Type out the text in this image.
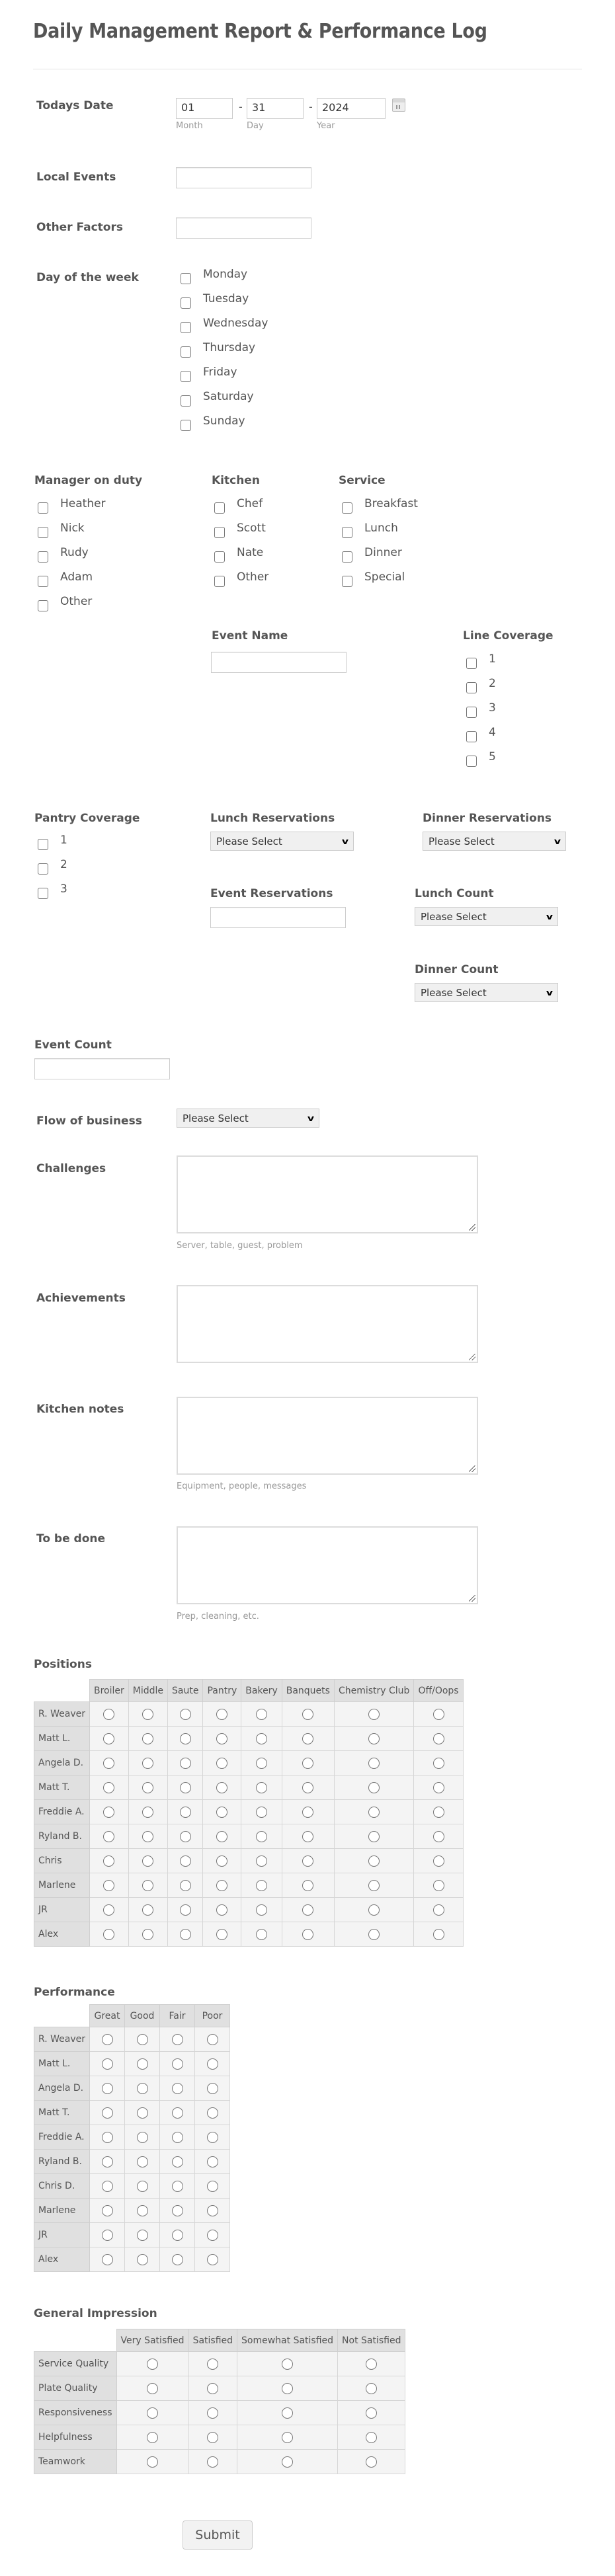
Daily Management Report & Performance Log
Todays Date	01	- 31	- 2024
Month	Day	Year
Local Events
Other Factors
Day of the week	Monday
Tuesday
Wednesday
Thursday
Friday
Saturday
Sunday
Manager on duty
Heather
Nick
Rudy
Adam
Other
Kitchen
Chef
Scott
Nate
Other
Service
Breakfast
Lunch
Dinner
Special
Event Name	Line Coverage
1
2
3
4
5
Pantry Coverage
1
2
3
Lunch Reservations
Please Select	v
Dinner Reservations
Please Select	v
Event Reservations	Lunch Count
Please Select	v
Dinner Count
Please Select	v
Event Count
Flow of business	Please Select	v
Challenges
Server, table, guest, problem
Achievements
Kitchen notes
Equipment, people, messages
To be done
Prep, cleaning, etc.
Positions
	Broiler	Middle	Saute	Pantry	Bakery	Banquets	Chemistry Club	Off/Oops
R. Weaver								
Matt L.								
Angela D.								
Matt T.								
Freddie A.								
Ryland B.								
Chris								
Marlene								
JR								
Alex								
Performance
	Great	Good	Fair	Poor
R. Weaver				
Matt L.				
Angela D.				
Matt T.				
Freddie A.				
Ryland B.				
Chris D.				
Marlene				
JR				
Alex				
General Impression
	Very Satisfied	Satisfied	Somewhat Satisfied	Not Satisfied
Service Quality				
Plate Quality				
Responsiveness				
Helpfulness				
Teamwork				
Submit
